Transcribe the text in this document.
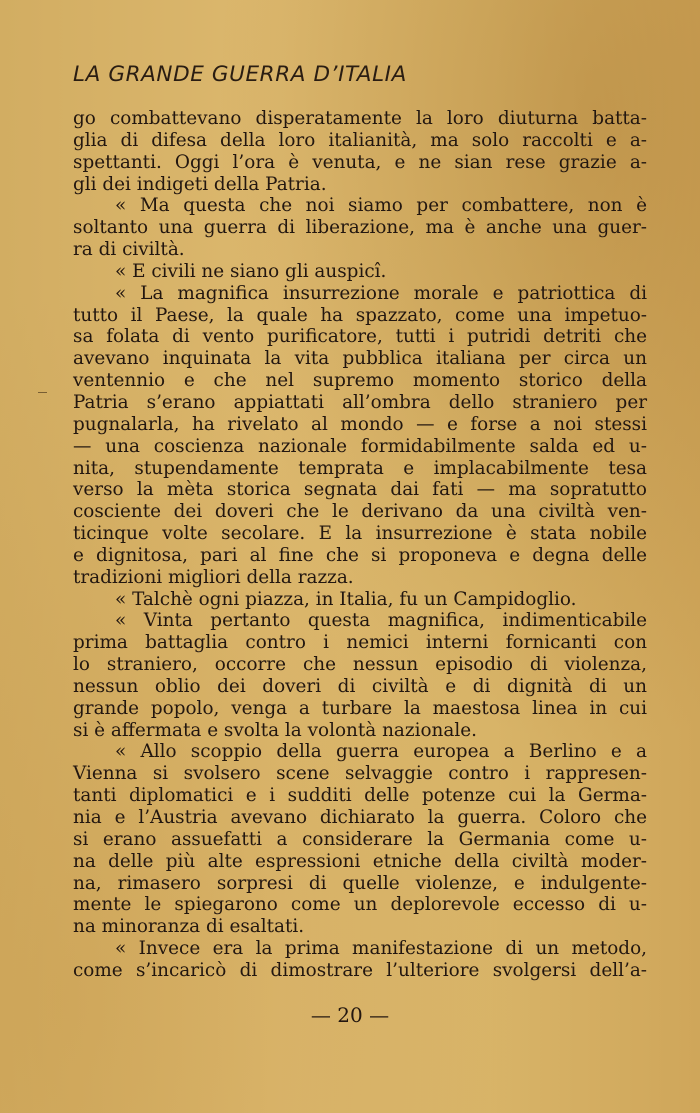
LA GRANDE GUERRA D’ITALIA
go combattevano disperatamente la loro diuturna batta-
glia di difesa della loro italianità, ma solo raccolti e a-
spettanti. Oggi l’ora è venuta, e ne sian rese grazie a-
gli dei indigeti della Patria.
« Ma questa che noi siamo per combattere, non è
soltanto una guerra di liberazione, ma è anche una guer-
ra di civiltà.
« E civili ne siano gli auspicî.
« La magnifica insurrezione morale e patriottica di
tutto il Paese, la quale ha spazzato, come una impetuo-
sa folata di vento purificatore, tutti i putridi detriti che
avevano inquinata la vita pubblica italiana per circa un
ventennio e che nel supremo momento storico della
Patria s’erano appiattati all’ombra dello straniero per
pugnalarla, ha rivelato al mondo — e forse a noi stessi
— una coscienza nazionale formidabilmente salda ed u-
nita, stupendamente temprata e implacabilmente tesa
verso la mèta storica segnata dai fati — ma sopratutto
cosciente dei doveri che le derivano da una civiltà ven-
ticinque volte secolare. E la insurrezione è stata nobile
e dignitosa, pari al fine che si proponeva e degna delle
tradizioni migliori della razza.
« Talchè ogni piazza, in Italia, fu un Campidoglio.
« Vinta pertanto questa magnifica, indimenticabile
prima battaglia contro i nemici interni fornicanti con
lo straniero, occorre che nessun episodio di violenza,
nessun oblio dei doveri di civiltà e di dignità di un
grande popolo, venga a turbare la maestosa linea in cui
si è affermata e svolta la volontà nazionale.
« Allo scoppio della guerra europea a Berlino e a
Vienna si svolsero scene selvaggie contro i rappresen-
tanti diplomatici e i sudditi delle potenze cui la Germa-
nia e l’Austria avevano dichiarato la guerra. Coloro che
si erano assuefatti a considerare la Germania come u-
na delle più alte espressioni etniche della civiltà moder-
na, rimasero sorpresi di quelle violenze, e indulgente-
mente le spiegarono come un deplorevole eccesso di u-
na minoranza di esaltati.
« Invece era la prima manifestazione di un metodo,
come s’incaricò di dimostrare l’ulteriore svolgersi dell’a-
— 20 —
